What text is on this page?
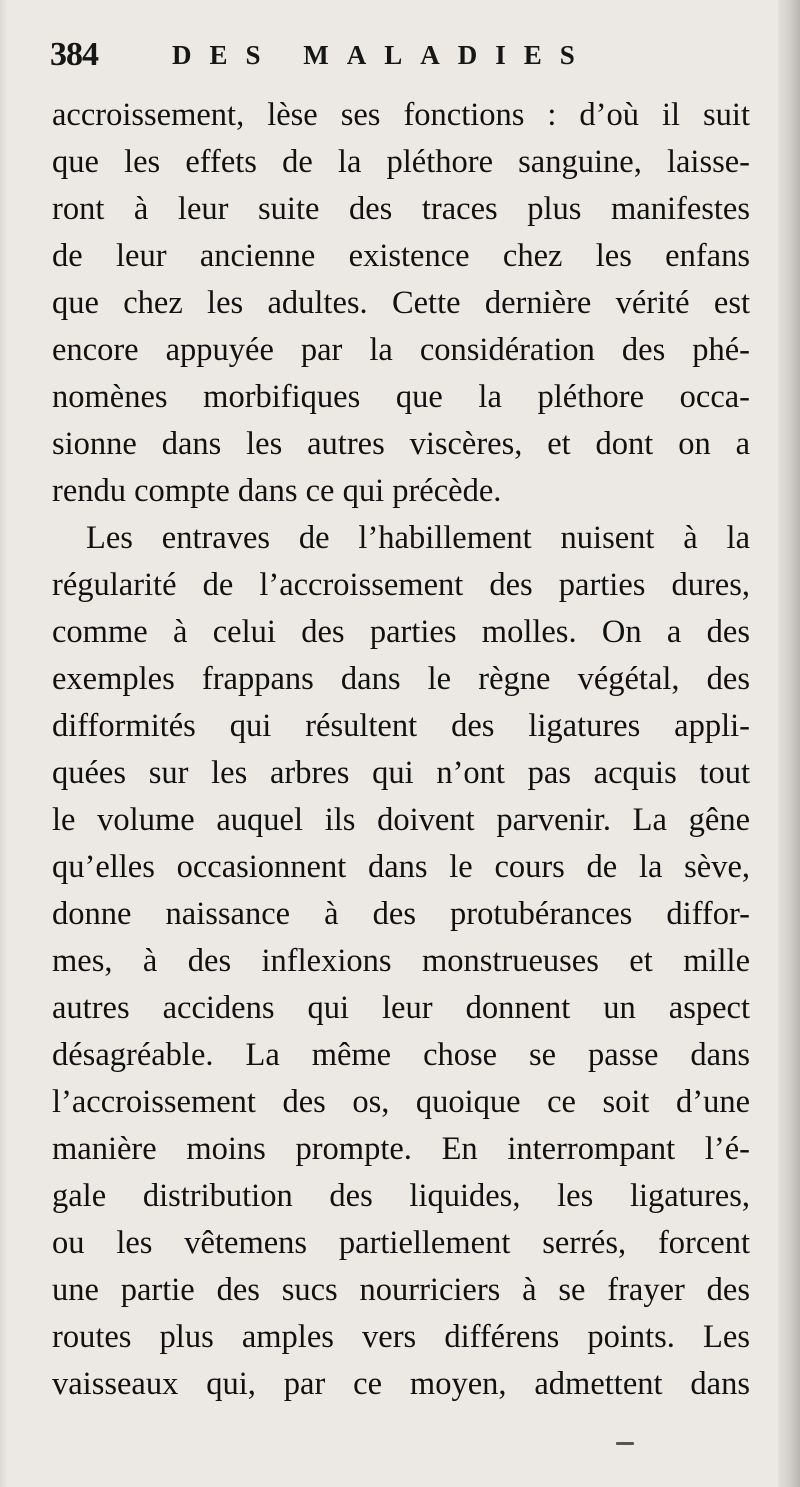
384	DES MALADIES
accroissement, lèse ses fonctions : d’où il suit
que les effets de la pléthore sanguine, laisse-
ront à leur suite des traces plus manifestes
de leur ancienne existence chez les enfans
que chez les adultes. Cette dernière vérité est
encore appuyée par la considération des phé-
nomènes morbifiques que la pléthore occa-
sionne dans les autres viscères, et dont on a
rendu compte dans ce qui précède.
Les entraves de l’habillement nuisent à la
régularité de l’accroissement des parties dures,
comme à celui des parties molles. On a des
exemples frappans dans le règne végétal, des
difformités qui résultent des ligatures appli-
quées sur les arbres qui n’ont pas acquis tout
le volume auquel ils doivent parvenir. La gêne
qu’elles occasionnent dans le cours de la sève,
donne naissance à des protubérances diffor-
mes, à des inflexions monstrueuses et mille
autres accidens qui leur donnent un aspect
désagréable. La même chose se passe dans
l’accroissement des os, quoique ce soit d’une
manière moins prompte. En interrompant l’é-
gale distribution des liquides, les ligatures,
ou les vêtemens partiellement serrés, forcent
une partie des sucs nourriciers à se frayer des
routes plus amples vers différens points. Les
vaisseaux qui, par ce moyen, admettent dans
